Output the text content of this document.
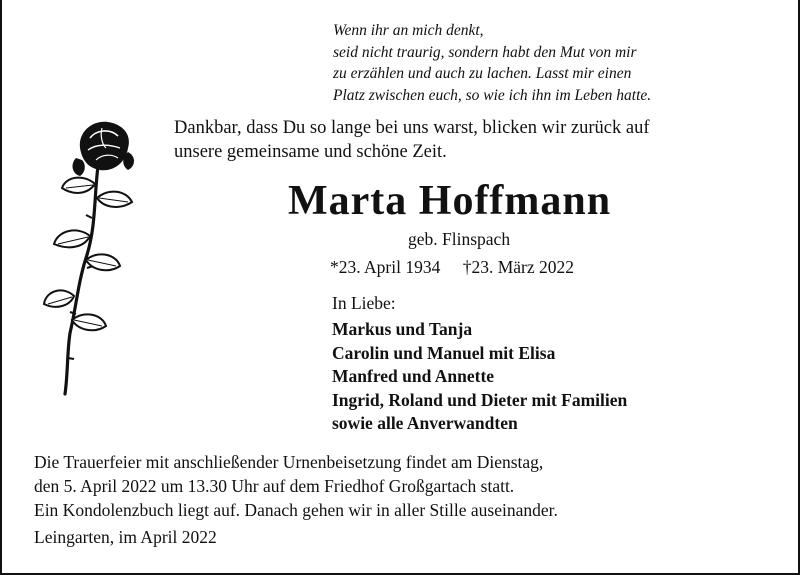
Wenn ihr an mich denkt,
seid nicht traurig, sondern habt den Mut von mir
zu erzählen und auch zu lachen. Lasst mir einen
Platz zwischen euch, so wie ich ihn im Leben hatte.
Dankbar, dass Du so lange bei uns warst, blicken wir zurück auf
unsere gemeinsame und schöne Zeit.
Marta Hoffmann
geb. Flinspach
*23. April 1934 †23. März 2022
In Liebe:
Markus und Tanja
Carolin und Manuel mit Elisa
Manfred und Annette
Ingrid, Roland und Dieter mit Familien
sowie alle Anverwandten
Die Trauerfeier mit anschließender Urnenbeisetzung findet am Dienstag,
den 5. April 2022 um 13.30 Uhr auf dem Friedhof Großgartach statt.
Ein Kondolenzbuch liegt auf. Danach gehen wir in aller Stille auseinander.
Leingarten, im April 2022
